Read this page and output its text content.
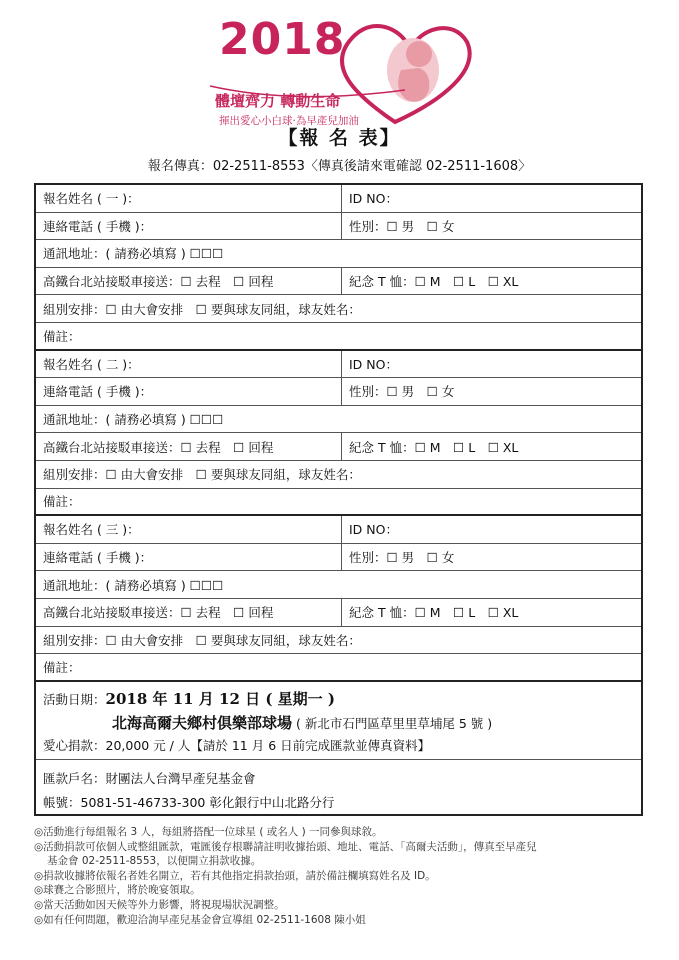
2018
體壇齊力 轉動生命
揮出愛心小白球‧為早產兒加油
【報 名 表】
報名傳真：02-2511-8553〈傳真後請來電確認 02-2511-1608〉
報名姓名 ( 一 )：	ID NO：
連絡電話 ( 手機 )：	性別：☐ 男　☐ 女
通訊地址：( 請務必填寫 ) ☐☐☐
高鐵台北站接駁車接送：☐ 去程　☐ 回程	紀念 T 恤：☐ M　☐ L　☐ XL
組別安排：☐ 由大會安排　☐ 要與球友同組，球友姓名：
備註：
報名姓名 ( 二 )：	ID NO：
連絡電話 ( 手機 )：	性別：☐ 男　☐ 女
通訊地址：( 請務必填寫 ) ☐☐☐
高鐵台北站接駁車接送：☐ 去程　☐ 回程	紀念 T 恤：☐ M　☐ L　☐ XL
組別安排：☐ 由大會安排　☐ 要與球友同組，球友姓名：
備註：
報名姓名 ( 三 )：	ID NO：
連絡電話 ( 手機 )：	性別：☐ 男　☐ 女
通訊地址：( 請務必填寫 ) ☐☐☐
高鐵台北站接駁車接送：☐ 去程　☐ 回程	紀念 T 恤：☐ M　☐ L　☐ XL
組別安排：☐ 由大會安排　☐ 要與球友同組，球友姓名：
備註：
活動日期：2018 年 11 月 12 日 ( 星期一 )
北海高爾夫鄉村俱樂部球場 ( 新北市石門區草里里草埔尾 5 號 )
愛心捐款：20,000 元 / 人【請於 11 月 6 日前完成匯款並傳真資料】
匯款戶名：財團法人台灣早產兒基金會
帳號：5081-51-46733-300 彰化銀行中山北路分行
◎活動進行每組報名 3 人，每組將搭配一位球星 ( 或名人 ) 一同參與球敘。
◎活動捐款可依個人或整組匯款，電匯後存根聯請註明收據抬頭、地址、電話、「高爾夫活動」，傳真至早產兒
基金會 02-2511-8553，以便開立捐款收據。
◎捐款收據將依報名者姓名開立，若有其他指定捐款抬頭，請於備註欄填寫姓名及 ID。
◎球賽之合影照片，將於晚宴領取。
◎當天活動如因天候等外力影響，將視現場狀況調整。
◎如有任何問題，歡迎洽詢早產兒基金會宣導組 02-2511-1608 陳小姐
